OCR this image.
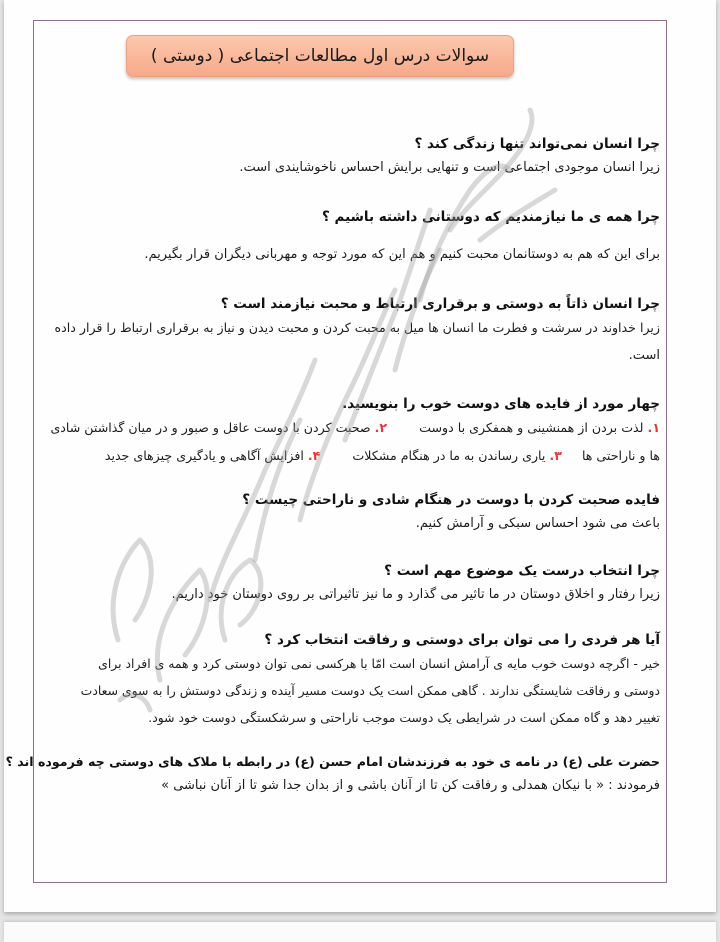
سوالات درس اول مطالعات اجتماعی ( دوستی )
چرا انسان نمی‌تواند تنها زندگی کند ؟
زیرا انسان موجودی اجتماعی است و تنهایی برایش احساس ناخوشایندی است.
چرا همه ی ما نیازمندیم که دوستانی داشته باشیم ؟
برای این که هم به دوستانمان محبت کنیم و هم این که مورد توجه و مهربانی دیگران قرار بگیریم.
چرا انسان ذاتاً به دوستی و برقراری ارتباط و محبت نیازمند است ؟
زیرا خداوند در سرشت و فطرت ما انسان ها میل به محبت کردن و محبت دیدن و نیاز به برقراری ارتباط را قرار داده
است.
چهار مورد از فایده های دوست خوب را بنویسید.
۱. لذت بردن از همنشینی و همفکری با دوست  ۲. صحبت کردن با دوست عاقل و صبور و در میان گذاشتن شادی
ها و ناراحتی ها  ۳. یاری رساندن به ما در هنگام مشکلات  ۴. افزایش آگاهی و یادگیری چیزهای جدید
فایده صحبت کردن با دوست در هنگام شادی و ناراحتی چیست ؟
باعث می شود احساس سبکی و آرامش کنیم.
چرا انتخاب درست یک موضوع مهم است ؟
زیرا رفتار و اخلاق دوستان در ما تاثیر می گذارد و ما نیز تاثیراتی بر روی دوستان خود داریم.
آیا هر فردی را می توان برای دوستی و رفاقت انتخاب کرد ؟
خیر - اگرچه دوست خوب مایه ی آرامش انسان است امّا با هرکسی نمی توان دوستی کرد و همه ی افراد برای
دوستی و رفاقت شایستگی ندارند . گاهی ممکن است یک دوست مسیر آینده و زندگی دوستش را به سوی سعادت
تغییر دهد و گاه ممکن است در شرایطی یک دوست موجب ناراحتی و سرشکستگی دوست خود شود.
حضرت علی (ع) در نامه ی خود به فرزندشان امام حسن (ع) در رابطه با ملاک های دوستی چه فرموده اند ؟
فرمودند : « با نیکان همدلی و رفاقت کن تا از آنان باشی و از بدان جدا شو تا از آنان نباشی »
